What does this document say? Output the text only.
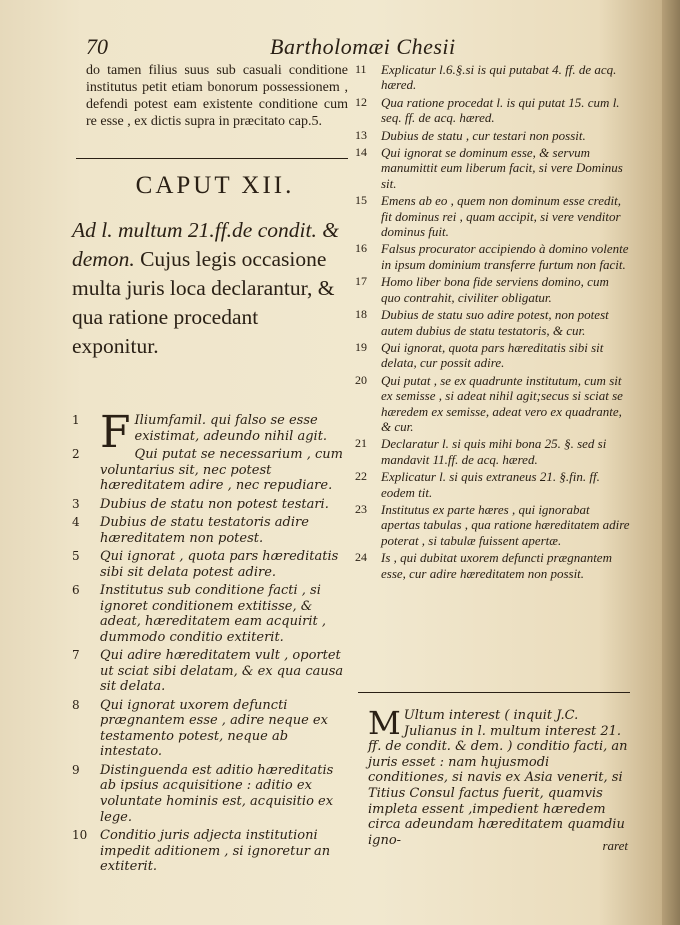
70	Bartholomæi Chesii

do tamen filius suus sub casuali conditione institutus petit etiam bonorum possessionem , defendi potest eam existente conditione cum re esse , ex dictis supra in præcitato cap.5.

CAPUT XII.

Ad l. multum 21.ff.de condit. & demon. Cujus legis occasione multa juris loca declarantur, & qua ratione procedant exponitur.

1 F Iliumfamil. qui falso se esse existimat, adeundo nihil agit.
2	Qui putat se necessarium , cum voluntarius sit, nec potest hæreditatem adire , nec repudiare.
3 Dubius de statu non potest testari.
4 Dubius de statu testatoris adire hæreditatem non potest.
5 Qui ignorat , quota pars hæreditatis sibi sit delata potest adire.
6 Institutus sub conditione facti , si ignoret conditionem extitisse, & adeat, hæreditatem eam acquirit , dummodo conditio extiterit.
7 Qui adire hæreditatem vult , oportet ut sciat sibi delatam, & ex qua causa sit delata.
8 Qui ignorat uxorem defuncti prægnantem esse , adire neque ex testamento potest, neque ab intestato.
9 Distinguenda est aditio hæreditatis ab ipsius acquisitione : aditio ex voluntate hominis est, acquisitio ex lege.
10 Conditio juris adjecta institutioni impedit aditionem , si ignoretur an extiterit.
11 Explicatur l.6.§.si is qui putabat 4. ff. de acq. hæred.
12 Qua ratione procedat l. is qui putat 15. cum l. seq. ff. de acq. hæred.
13 Dubius de statu , cur testari non possit.
14 Qui ignorat se dominum esse, & servum manumittit eum liberum facit, si vere Dominus sit.
15 Emens ab eo , quem non dominum esse credit, fit dominus rei , quam accipit, si vere venditor dominus fuit.
16 Falsus procurator accipiendo à domino volente in ipsum dominium transferre furtum non facit.
17 Homo liber bona fide serviens domino, cum quo contrahit, civiliter obligatur.
18 Dubius de statu suo adire potest, non potest autem dubius de statu testatoris, & cur.
19 Qui ignorat, quota pars hæreditatis sibi sit delata, cur possit adire.
20 Qui putat , se ex quadrunte institutum, cum sit ex semisse , si adeat nihil agit;secus si sciat se hæredem ex semisse, adeat vero ex quadrante, & cur.
21 Declaratur l. si quis mihi bona 25. §. sed si mandavit 11.ff. de acq. hæred.
22 Explicatur l. si quis extraneus 21. §.fin. ff. eodem tit.
23 Institutus ex parte hæres , qui ignorabat apertas tabulas , qua ratione hæreditatem adire poterat , si tabulæ fuissent apertæ.
24 Is , qui dubitat uxorem defuncti prægnantem esse, cur adire hæreditatem non possit.

M Ultum interest ( inquit J.C. Julianus in l. multum interest 21. ff. de condit. & dem. ) conditio facti, an juris esset : nam hujusmodi conditiones, si navis ex Asia venerit, si Titius Consul factus fuerit, quamvis impleta essent ,impedient hæredem circa adeundam hæreditatem quamdiu igno-	raret
